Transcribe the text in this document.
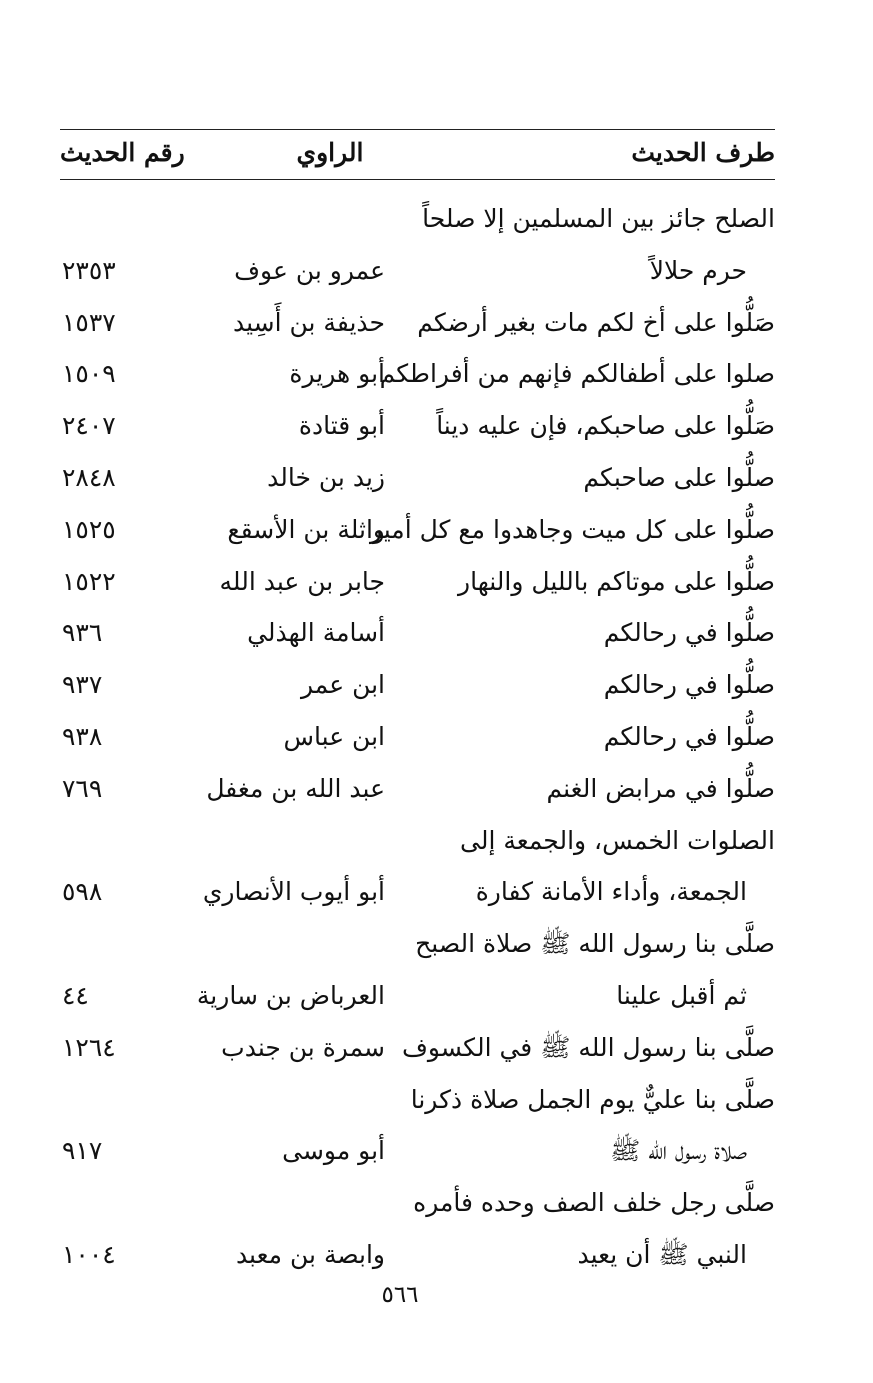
طرف الحديث
الراوي
رقم الحديث
الصلح جائز بين المسلمين إلا صلحاً
حرم حلالاً
عمرو بن عوف
٢٣٥٣
صَلُّوا على أخ لكم مات بغير أرضكم
حذيفة بن أَسِيد
١٥٣٧
صلوا على أطفالكم فإنهم من أفراطكم
أبو هريرة
١٥٠٩
صَلُّوا على صاحبكم، فإن عليه ديناً
أبو قتادة
٢٤٠٧
صلُّوا على صاحبكم
زيد بن خالد
٢٨٤٨
صلُّوا على كل ميت وجاهدوا مع كل أمير
واثلة بن الأسقع
١٥٢٥
صلُّوا على موتاكم بالليل والنهار
جابر بن عبد الله
١٥٢٢
صلُّوا في رحالكم
أسامة الهذلي
٩٣٦
صلُّوا في رحالكم
ابن عمر
٩٣٧
صلُّوا في رحالكم
ابن عباس
٩٣٨
صلُّوا في مرابض الغنم
عبد الله بن مغفل
٧٦٩
الصلوات الخمس، والجمعة إلى
الجمعة، وأداء الأمانة كفارة
أبو أيوب الأنصاري
٥٩٨
صلَّى بنا رسول الله ﷺ صلاة الصبح
ثم أقبل علينا
العرباض بن سارية
٤٤
صلَّى بنا رسول الله ﷺ في الكسوف
سمرة بن جندب
١٢٦٤
صلَّى بنا عليٌّ يوم الجمل صلاة ذكرنا
صلاة رسول الله ﷺ
أبو موسى
٩١٧
صلَّى رجل خلف الصف وحده فأمره
النبي ﷺ أن يعيد
وابصة بن معبد
١٠٠٤
٥٦٦
